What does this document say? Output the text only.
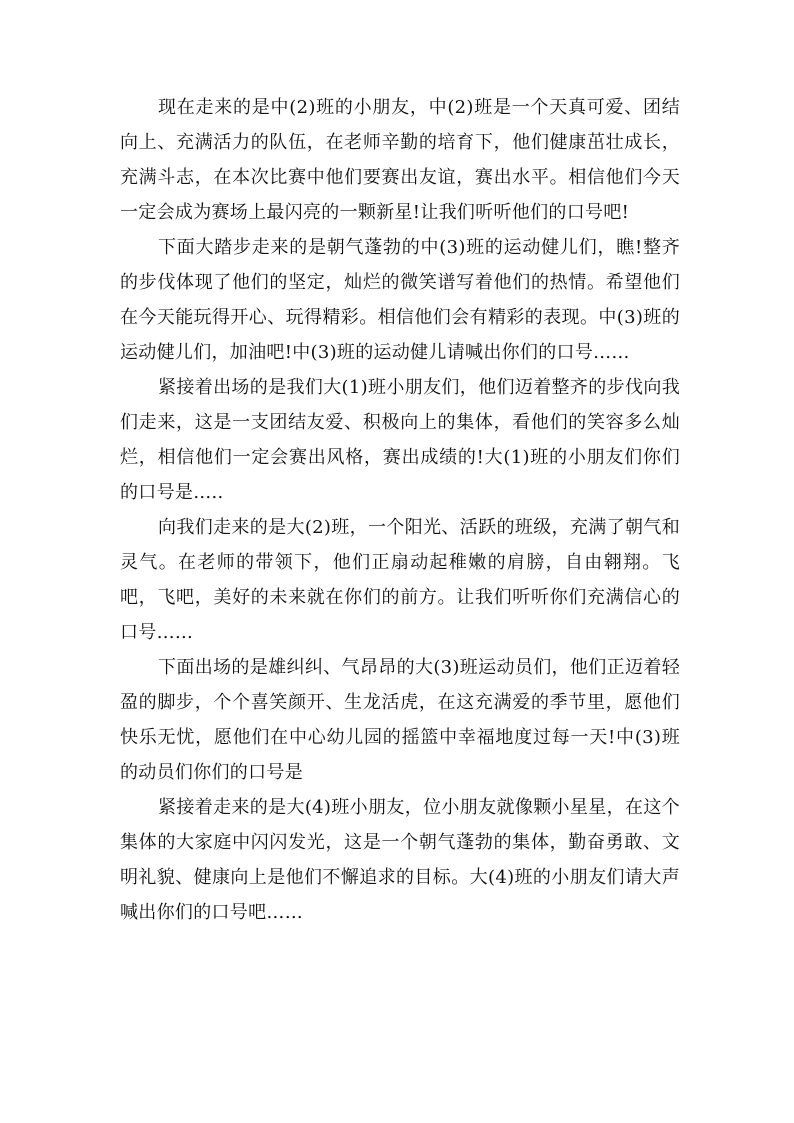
现在走来的是中(2)班的小朋友，中(2)班是一个天真可爱、团结向上、充满活力的队伍，在老师辛勤的培育下，他们健康茁壮成长，充满斗志，在本次比赛中他们要赛出友谊，赛出水平。相信他们今天一定会成为赛场上最闪亮的一颗新星!让我们听听他们的口号吧!

下面大踏步走来的是朝气蓬勃的中(3)班的运动健儿们，瞧!整齐的步伐体现了他们的坚定，灿烂的微笑谱写着他们的热情。希望他们在今天能玩得开心、玩得精彩。相信他们会有精彩的表现。中(3)班的运动健儿们，加油吧!中(3)班的运动健儿请喊出你们的口号……

紧接着出场的是我们大(1)班小朋友们，他们迈着整齐的步伐向我们走来，这是一支团结友爱、积极向上的集体，看他们的笑容多么灿烂，相信他们一定会赛出风格，赛出成绩的!大(1)班的小朋友们你们的口号是…..

向我们走来的是大(2)班，一个阳光、活跃的班级，充满了朝气和灵气。在老师的带领下，他们正扇动起稚嫩的肩膀，自由翱翔。飞吧，飞吧，美好的未来就在你们的前方。让我们听听你们充满信心的口号……

下面出场的是雄纠纠、气昂昂的大(3)班运动员们，他们正迈着轻盈的脚步，个个喜笑颜开、生龙活虎，在这充满爱的季节里，愿他们快乐无忧，愿他们在中心幼儿园的摇篮中幸福地度过每一天!中(3)班的动员们你们的口号是

紧接着走来的是大(4)班小朋友，位小朋友就像颗小星星，在这个集体的大家庭中闪闪发光，这是一个朝气蓬勃的集体，勤奋勇敢、文明礼貌、健康向上是他们不懈追求的目标。大(4)班的小朋友们请大声喊出你们的口号吧……
